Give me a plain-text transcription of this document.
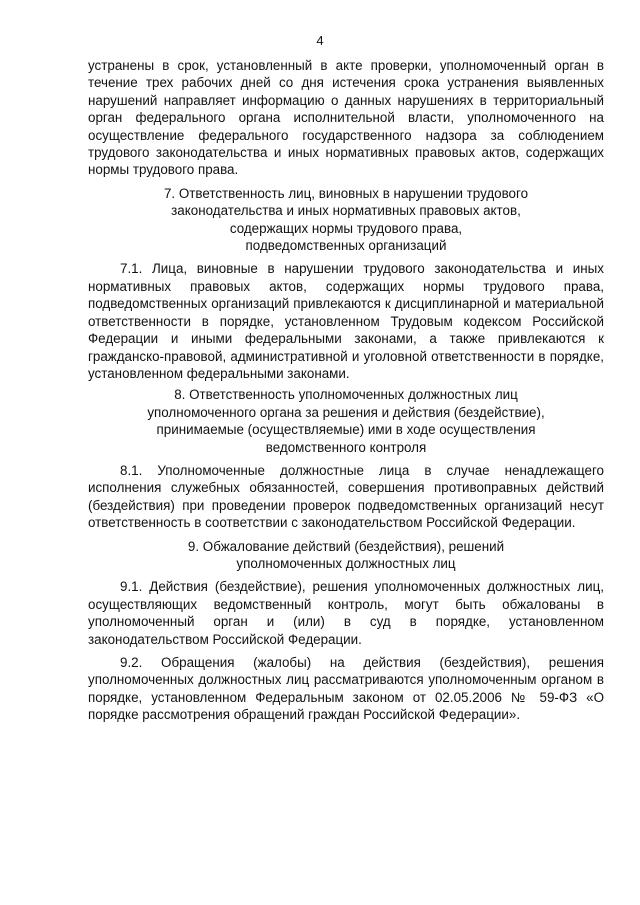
4

устранены в срок, установленный в акте проверки, уполномоченный орган в течение трех рабочих дней со дня истечения срока устранения выявленных нарушений направляет информацию о данных нарушениях в территориальный орган федерального органа исполнительной власти, уполномоченного на осуществление федерального государственного надзора за соблюдением трудового законодательства и иных нормативных правовых актов, содержащих нормы трудового права.

7. Ответственность лиц, виновных в нарушении трудового
законодательства и иных нормативных правовых актов,
содержащих нормы трудового права,
подведомственных организаций

7.1. Лица, виновные в нарушении трудового законодательства и иных нормативных правовых актов, содержащих нормы трудового права, подведомственных организаций привлекаются к дисциплинарной и материальной ответственности в порядке, установленном Трудовым кодексом Российской Федерации и иными федеральными законами, а также привлекаются к гражданско-правовой, административной и уголовной ответственности в порядке, установленном федеральными законами.

8. Ответственность уполномоченных должностных лиц
уполномоченного органа за решения и действия (бездействие),
принимаемые (осуществляемые) ими в ходе осуществления
ведомственного контроля

8.1. Уполномоченные должностные лица в случае ненадлежащего исполнения служебных обязанностей, совершения противоправных действий (бездействия) при проведении проверок подведомственных организаций несут ответственность в соответствии с законодательством Российской Федерации.

9. Обжалование действий (бездействия), решений
уполномоченных должностных лиц

9.1. Действия (бездействие), решения уполномоченных должностных лиц, осуществляющих ведомственный контроль, могут быть обжалованы в уполномоченный орган и (или) в суд в порядке, установленном законодательством Российской Федерации.

9.2. Обращения (жалобы) на действия (бездействия), решения уполномоченных должностных лиц рассматриваются уполномоченным органом в порядке, установленном Федеральным законом от 02.05.2006 № 59-ФЗ «О порядке рассмотрения обращений граждан Российской Федерации».
